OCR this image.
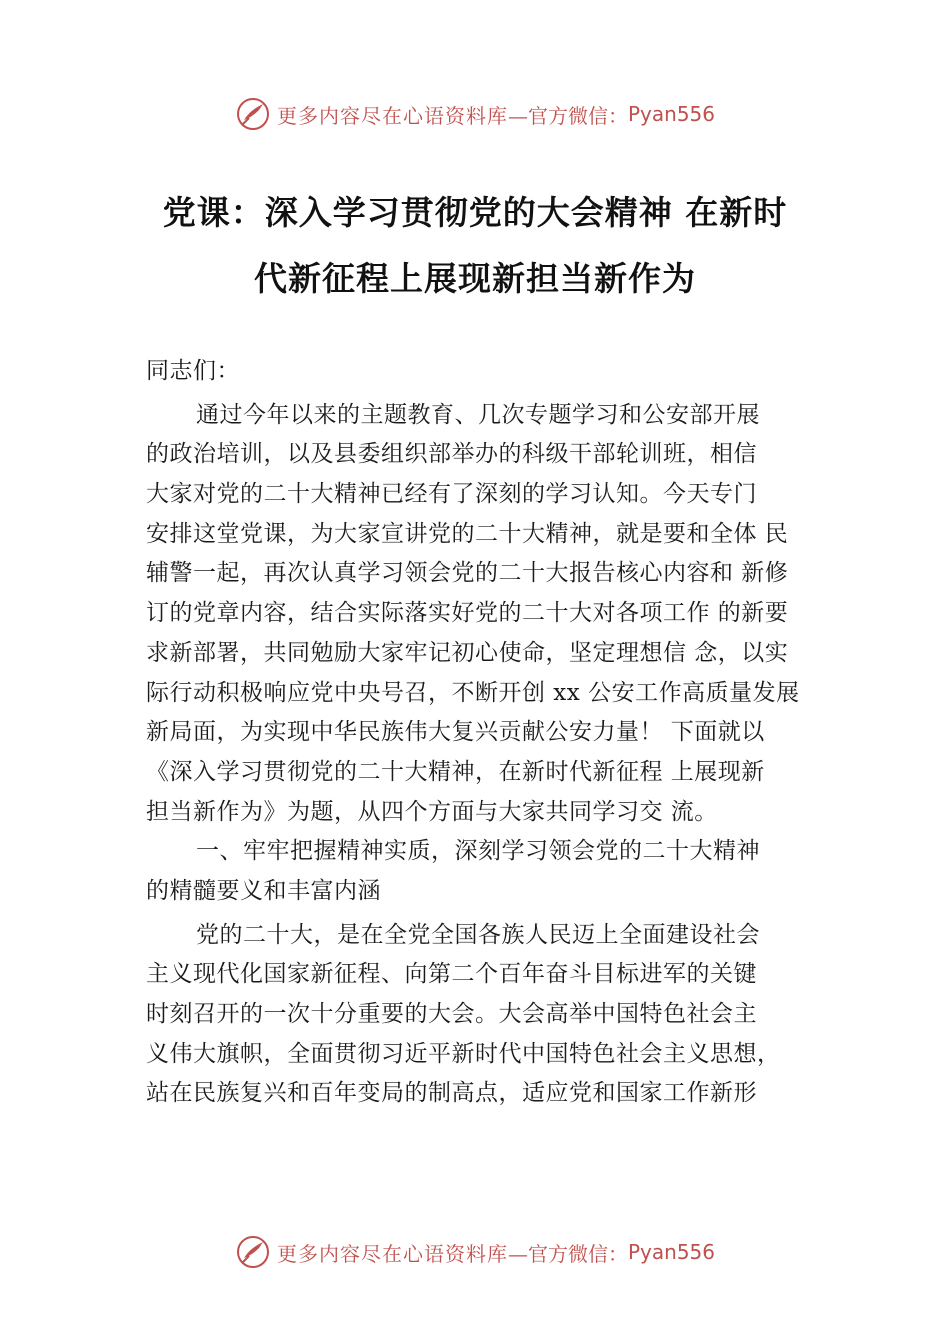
更多内容尽在心语资料库 —官方微信： Pyan556
党课：深入学习贯彻党的大会精神 在新时
代新征程上展现新担当新作为
同志们：
通过今年以来的主题教育、几次专题学习和公安部开展
的政治培训，以及县委组织部举办的科级干部轮训班，相信
大家对党的二十大精神已经有了深刻的学习认知。今天专门
安排这堂党课，为大家宣讲党的二十大精神，就是要和全体 民
辅警一起，再次认真学习领会党的二十大报告核心内容和 新修
订的党章内容，结合实际落实好党的二十大对各项工作 的新要
求新部署，共同勉励大家牢记初心使命，坚定理想信 念，以实
际行动积极响应党中央号召，不断开创 xx 公安工作高质量发展
新局面，为实现中华民族伟大复兴贡献公安力量！ 下面就以
《深入学习贯彻党的二十大精神，在新时代新征程 上展现新
担当新作为》为题，从四个方面与大家共同学习交 流。
一、牢牢把握精神实质，深刻学习领会党的二十大精神
的精髓要义和丰富内涵
党的二十大，是在全党全国各族人民迈上全面建设社会
主义现代化国家新征程、向第二个百年奋斗目标进军的关键
时刻召开的一次十分重要的大会。大会高举中国特色社会主
义伟大旗帜，全面贯彻习近平新时代中国特色社会主义思想，
站在民族复兴和百年变局的制高点，适应党和国家工作新形
更多内容尽在心语资料库 —官方微信： Pyan556
